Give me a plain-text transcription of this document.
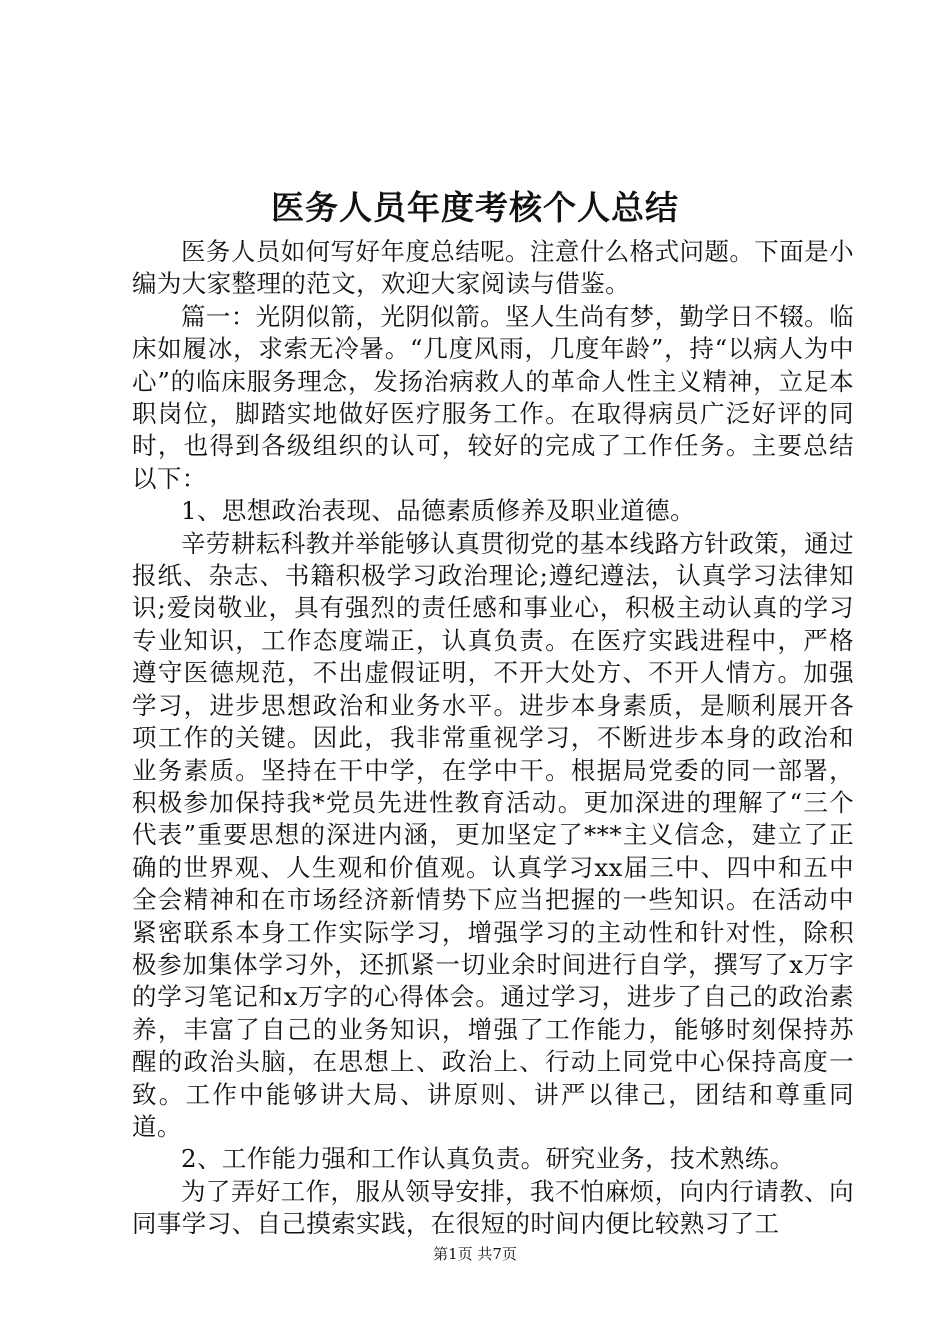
医务人员年度考核个人总结

医务人员如何写好年度总结呢。注意什么格式问题。下面是小编为大家整理的范文，欢迎大家阅读与借鉴。

篇一：光阴似箭，光阴似箭。坚人生尚有梦，勤学日不辍。临床如履冰，求索无冷暑。“几度风雨，几度年龄”，持“以病人为中心”的临床服务理念，发扬治病救人的革命人性主义精神，立足本职岗位，脚踏实地做好医疗服务工作。在取得病员广泛好评的同时，也得到各级组织的认可，较好的完成了工作任务。主要总结以下：

1、思想政治表现、品德素质修养及职业道德。

辛劳耕耘科教并举能够认真贯彻党的基本线路方针政策，通过报纸、杂志、书籍积极学习政治理论;遵纪遵法，认真学习法律知识;爱岗敬业，具有强烈的责任感和事业心，积极主动认真的学习专业知识，工作态度端正，认真负责。在医疗实践进程中，严格遵守医德规范，不出虚假证明，不开大处方、不开人情方。加强学习，进步思想政治和业务水平。进步本身素质，是顺利展开各项工作的关键。因此，我非常重视学习，不断进步本身的政治和业务素质。坚持在干中学，在学中干。根据局党委的同一部署，积极参加保持我*党员先进性教育活动。更加深进的理解了“三个代表”重要思想的深进内涵，更加坚定了***主义信念，建立了正确的世界观、人生观和价值观。认真学习xx届三中、四中和五中全会精神和在市场经济新情势下应当把握的一些知识。在活动中紧密联系本身工作实际学习，增强学习的主动性和针对性，除积极参加集体学习外，还抓紧一切业余时间进行自学，撰写了x万字的学习笔记和x万字的心得体会。通过学习，进步了自己的政治素养，丰富了自己的业务知识，增强了工作能力，能够时刻保持苏醒的政治头脑，在思想上、政治上、行动上同党中心保持高度一致。工作中能够讲大局、讲原则、讲严以律己，团结和尊重同道。

2、工作能力强和工作认真负责。研究业务，技术熟练。

为了弄好工作，服从领导安排，我不怕麻烦，向内行请教、向同事学习、自己摸索实践，在很短的时间内便比较熟习了工

第1页 共7页
